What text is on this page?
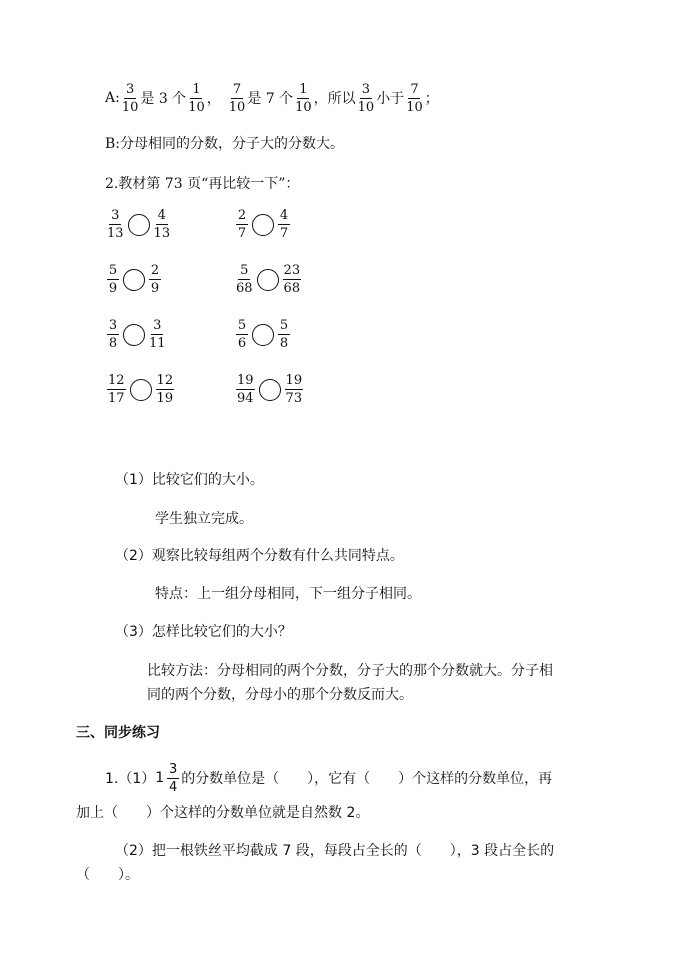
A: $\frac{3}{10}$ 是 3 个 $\frac{1}{10}$ ， $\frac{7}{10}$ 是 7 个 $\frac{1}{10}$ ，所以 $\frac{3}{10}$ 小于 $\frac{7}{10}$ ；
B:分母相同的分数，分子大的分数大。
2.教材第 73 页“再比较一下”：
$\frac{3}{13} \frac{4}{13}$	$\frac{2}{7} \frac{4}{7}$
$\frac{5}{9} \frac{2}{9}$	$\frac{5}{68} \frac{23}{68}$
$\frac{3}{8} \frac{3}{11}$	$\frac{5}{6} \frac{5}{8}$
$\frac{12}{17} \frac{12}{19}$	$\frac{19}{94} \frac{19}{73}$
（1）比较它们的大小。
学生独立完成。
（2）观察比较每组两个分数有什么共同特点。
特点：上一组分母相同，下一组分子相同。
（3）怎样比较它们的大小？
比较方法：分母相同的两个分数，分子大的那个分数就大。分子相
同的两个分数，分母小的那个分数反而大。
三、同步练习
1.（1） $1 \frac{3}{4}$ 的分数单位是（　　），它有（　　）个这样的分数单位，再
加上（　　）个这样的分数单位就是自然数 2。
（2）把一根铁丝平均截成 7 段，每段占全长的（　　），3 段占全长的
（　　）。
